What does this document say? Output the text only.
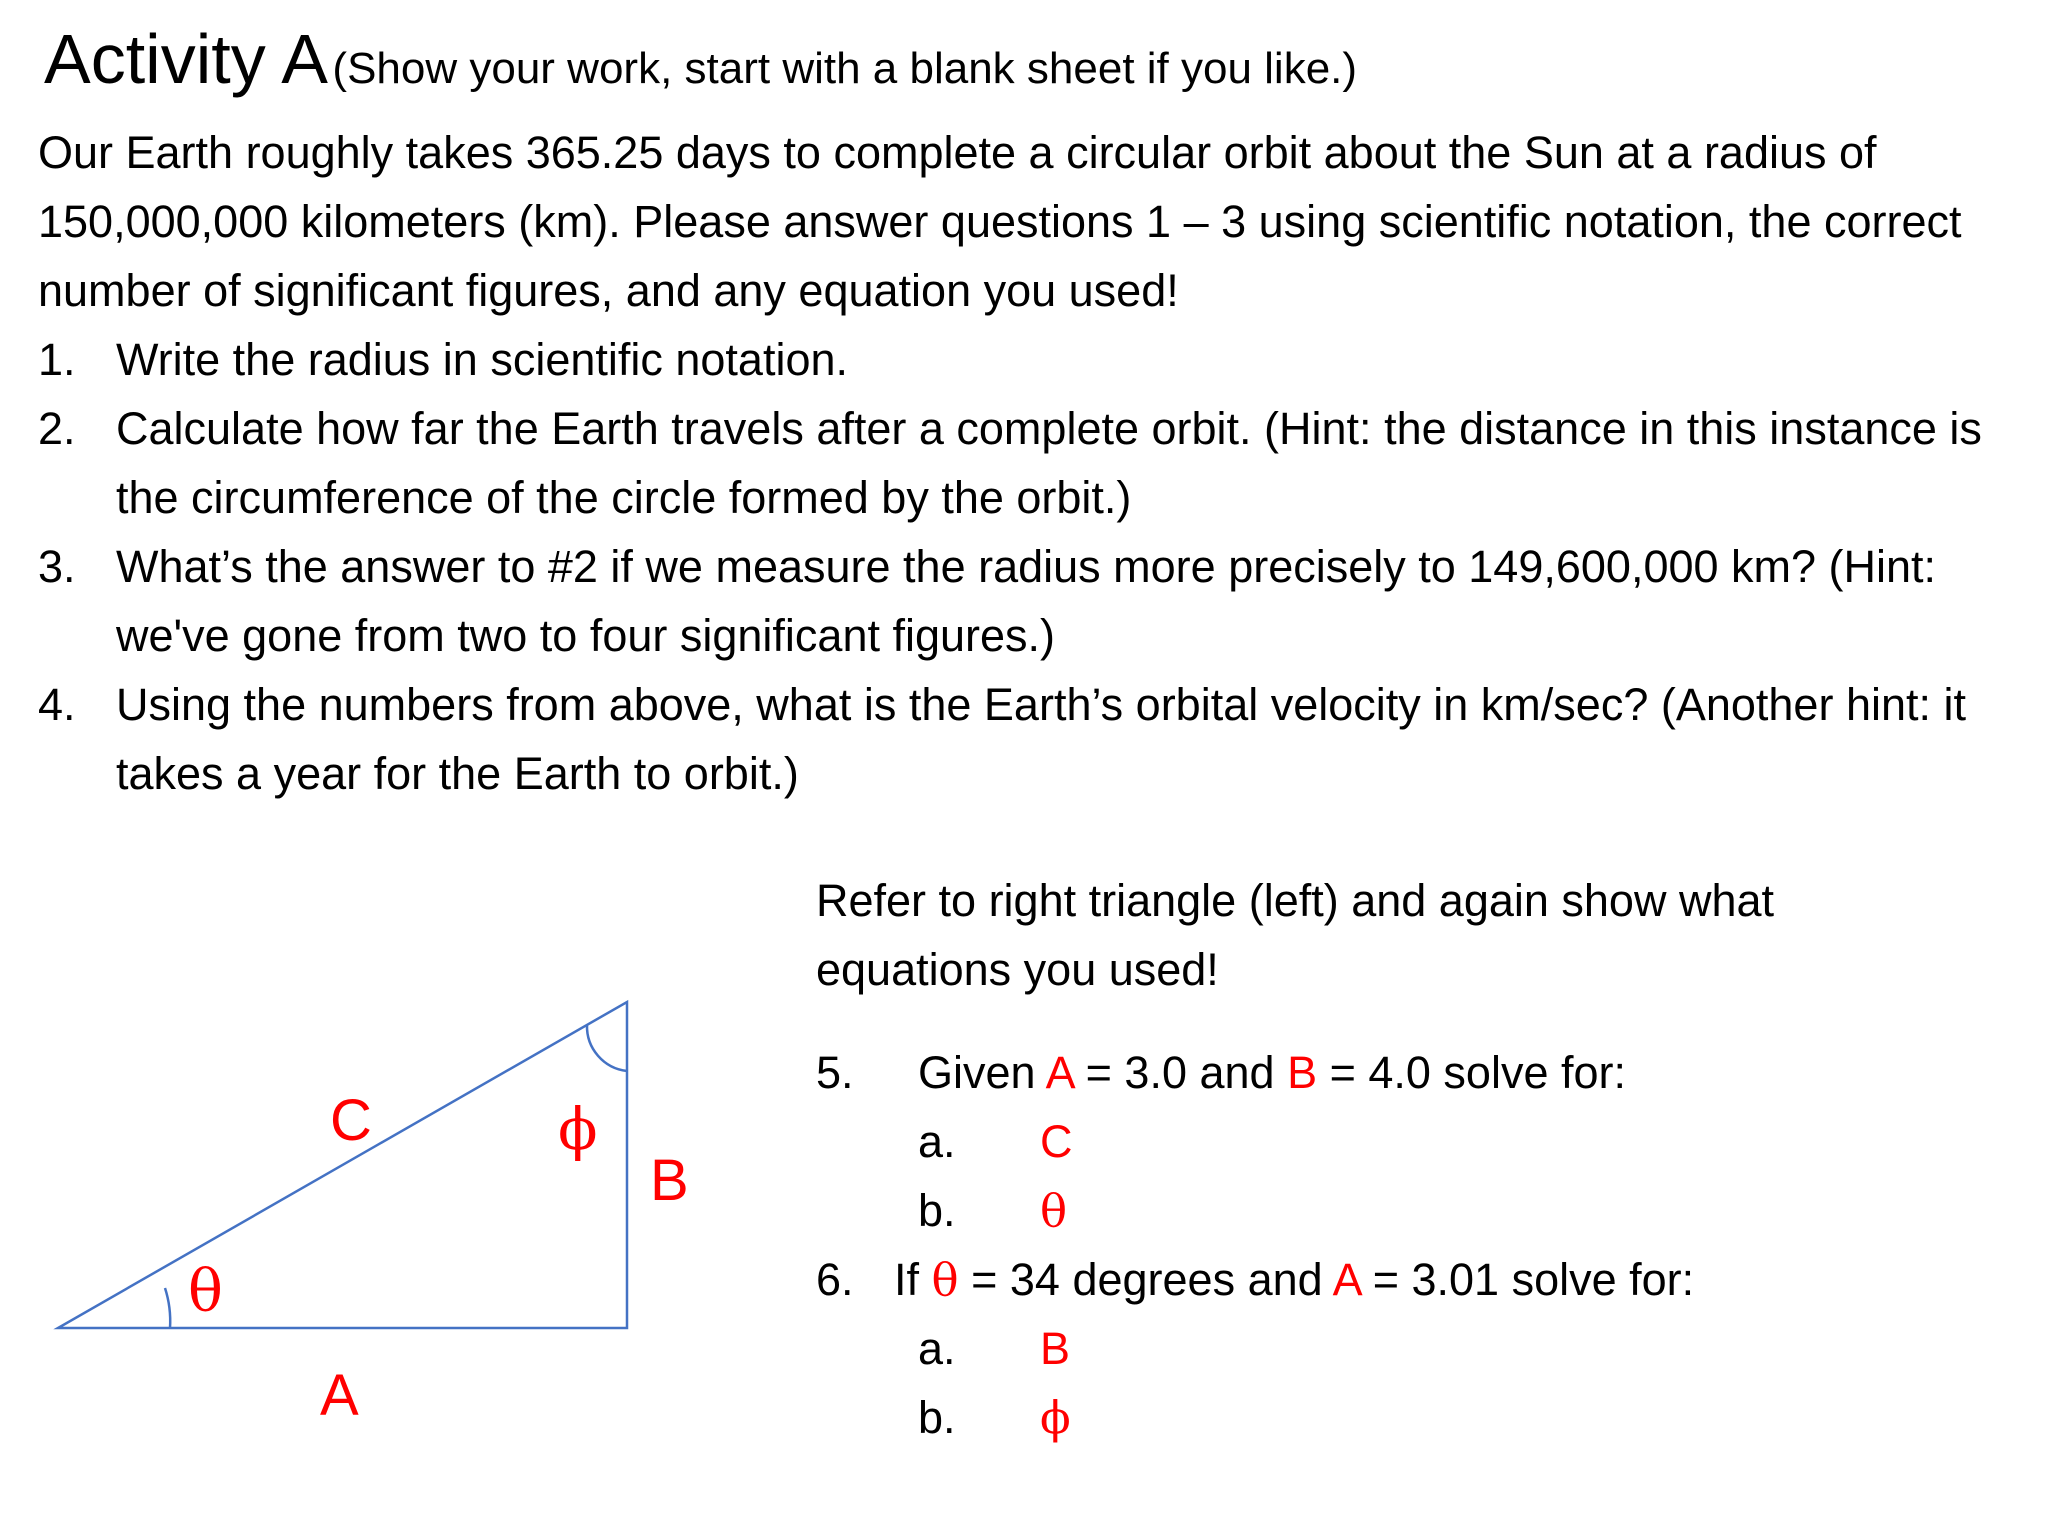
Activity A (Show your work, start with a blank sheet if you like.)
Our Earth roughly takes 365.25 days to complete a circular orbit about the Sun at a radius of 150,000,000 kilometers (km). Please answer questions 1 – 3 using scientific notation, the correct number of significant figures, and any equation you used!
1. Write the radius in scientific notation.
2. Calculate how far the Earth travels after a complete orbit. (Hint: the distance in this instance is the circumference of the circle formed by the orbit.)
3. What’s the answer to #2 if we measure the radius more precisely to 149,600,000 km? (Hint: we've gone from two to four significant figures.)
4. Using the numbers from above, what is the Earth’s orbital velocity in km/sec? (Another hint: it takes a year for the Earth to orbit.)
C	ϕ
B
θ
A
Refer to right triangle (left) and again show what equations you used!
5. Given A = 3.0 and B = 4.0 solve for:
a. C
b. θ
6. If θ = 34 degrees and A = 3.01 solve for:
a. B
b. ϕ
